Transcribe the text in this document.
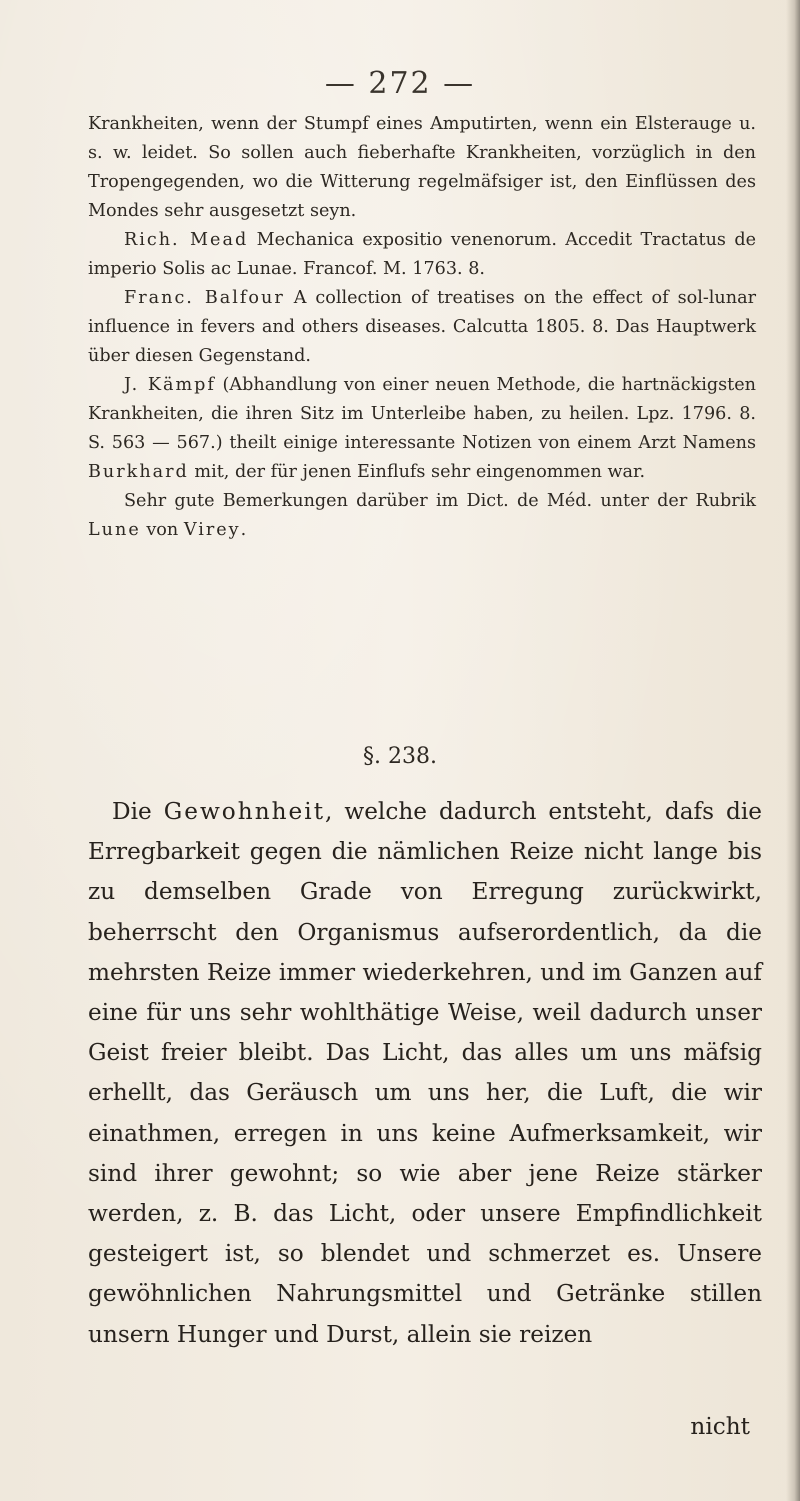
— 272 —

Krankheiten, wenn der Stumpf eines Amputirten, wenn ein Elsterauge u. s. w. leidet. So sollen auch fieberhafte Krankheiten, vorzüglich in den Tropengegenden, wo die Witterung regelmäfsiger ist, den Einflüssen des Mondes sehr ausgesetzt seyn.

Rich. Mead Mechanica expositio venenorum. Accedit Tractatus de imperio Solis ac Lunae. Francof. M. 1763. 8.

Franc. Balfour A collection of treatises on the effect of sol-lunar influence in fevers and others diseases. Calcutta 1805. 8. Das Hauptwerk über diesen Gegenstand.

J. Kämpf (Abhandlung von einer neuen Methode, die hartnäckigsten Krankheiten, die ihren Sitz im Unterleibe haben, zu heilen. Lpz. 1796. 8. S. 563 — 567.) theilt einige interessante Notizen von einem Arzt Namens Burkhard mit, der für jenen Einflufs sehr eingenommen war.

Sehr gute Bemerkungen darüber im Dict. de Méd. unter der Rubrik Lune von Virey.

§. 238.

Die Gewohnheit, welche dadurch entsteht, dafs die Erregbarkeit gegen die nämlichen Reize nicht lange bis zu demselben Grade von Erregung zurückwirkt, beherrscht den Organismus aufserordentlich, da die mehrsten Reize immer wiederkehren, und im Ganzen auf eine für uns sehr wohlthätige Weise, weil dadurch unser Geist freier bleibt. Das Licht, das alles um uns mäfsig erhellt, das Geräusch um uns her, die Luft, die wir einathmen, erregen in uns keine Aufmerksamkeit, wir sind ihrer gewohnt; so wie aber jene Reize stärker werden, z. B. das Licht, oder unsere Empfindlichkeit gesteigert ist, so blendet und schmerzet es. Unsere gewöhnlichen Nahrungsmittel und Getränke stillen unsern Hunger und Durst, allein sie reizen

nicht
